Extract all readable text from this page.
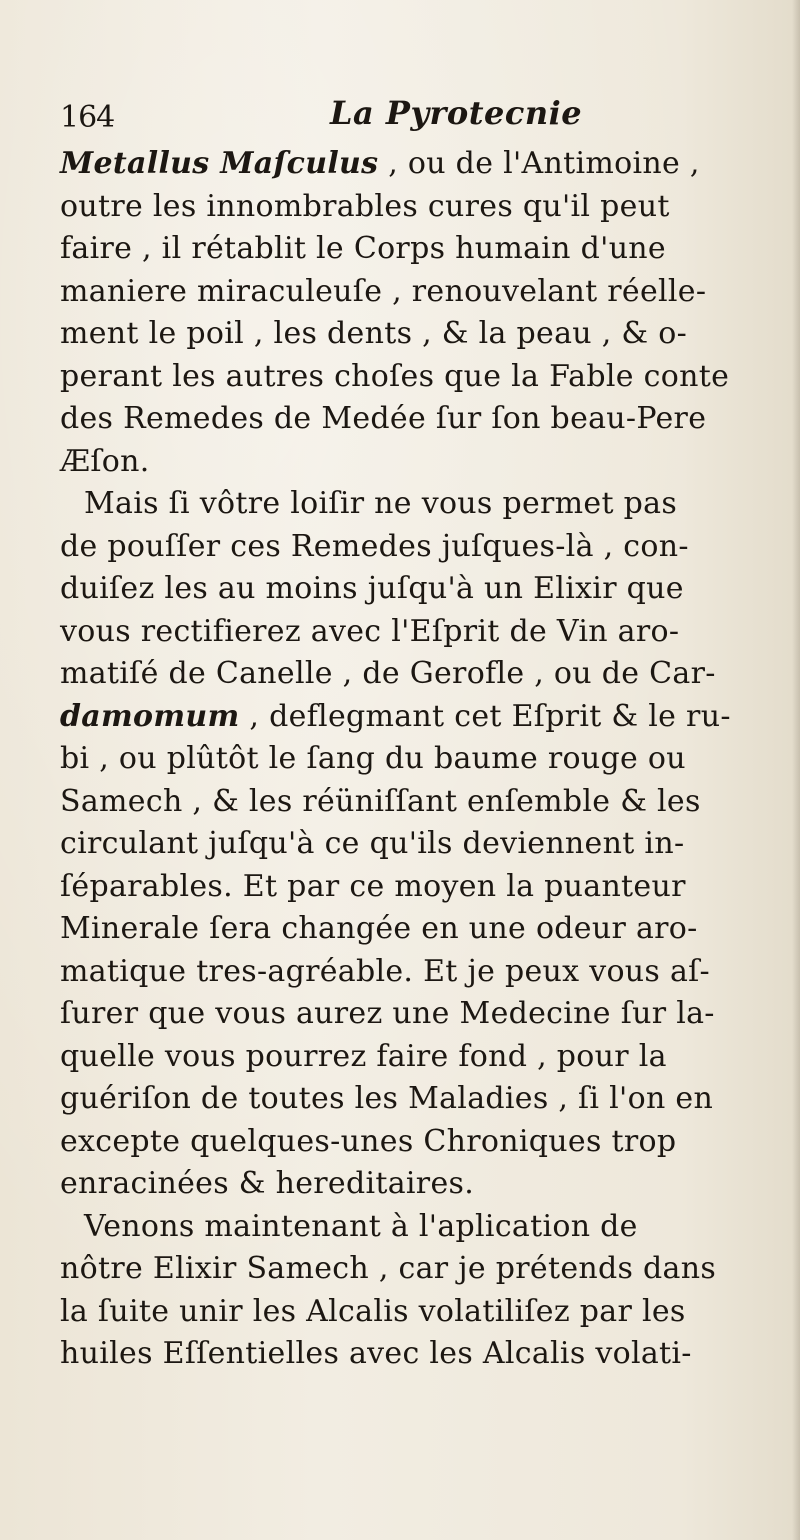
164	La Pyrotecnie
Metallus Maſculus , ou de l'Antimoine ,
outre les innombrables cures qu'il peut
faire , il rétablit le Corps humain d'une
maniere miraculeuſe , renouvelant réelle-
ment le poil , les dents , & la peau , & o-
perant les autres choſes que la Fable conte
des Remedes de Medée ſur ſon beau-Pere
Æſon.
Mais ſi vôtre loiſir ne vous permet pas
de pouſſer ces Remedes juſques-là , con-
duiſez les au moins juſqu'à un Elixir que
vous rectifierez avec l'Eſprit de Vin aro-
matiſé de Canelle , de Gerofle , ou de Car-
damomum , deflegmant cet Eſprit & le ru-
bi , ou plûtôt le ſang du baume rouge ou
Samech , & les réüniſſant enſemble & les
circulant juſqu'à ce qu'ils deviennent in-
ſéparables. Et par ce moyen la puanteur
Minerale ſera changée en une odeur aro-
matique tres-agréable. Et je peux vous aſ-
ſurer que vous aurez une Medecine ſur la-
quelle vous pourrez faire fond , pour la
guériſon de toutes les Maladies , ſi l'on en
excepte quelques-unes Chroniques trop
enracinées & hereditaires.
Venons maintenant à l'aplication de
nôtre Elixir Samech , car je prétends dans
la ſuite unir les Alcalis volatiliſez par les
huiles Eſſentielles avec les Alcalis volati-
